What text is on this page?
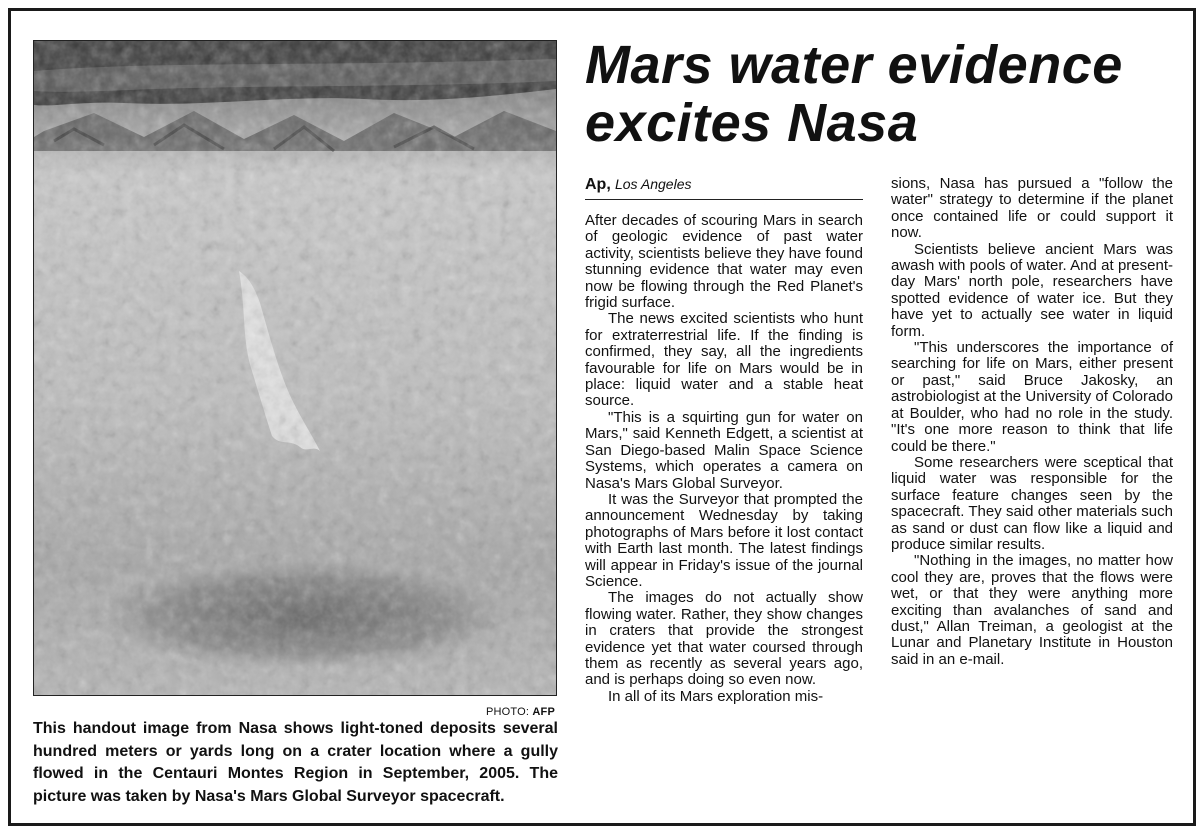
PHOTO: AFP
This handout image from Nasa shows light-toned deposits several hundred meters or yards long on a crater location where a gully flowed in the Centauri Montes Region in September, 2005. The picture was taken by Nasa's Mars Global Surveyor spacecraft.
Mars water evidence
excites Nasa
Ap, Los Angeles

After decades of scouring Mars in search of geologic evidence of past water activity, scientists believe they have found stunning evidence that water may even now be flowing through the Red Planet's frigid surface.

The news excited scientists who hunt for extraterrestrial life. If the finding is confirmed, they say, all the ingredients favourable for life on Mars would be in place: liquid water and a stable heat source.

"This is a squirting gun for water on Mars," said Kenneth Edgett, a scientist at San Diego-based Malin Space Science Systems, which operates a camera on Nasa's Mars Global Surveyor.

It was the Surveyor that prompted the announcement Wednesday by taking photographs of Mars before it lost contact with Earth last month. The latest findings will appear in Friday's issue of the journal Science.

The images do not actually show flowing water. Rather, they show changes in craters that provide the strongest evidence yet that water coursed through them as recently as several years ago, and is perhaps doing so even now.

In all of its Mars exploration mis-

sions, Nasa has pursued a "follow the water" strategy to determine if the planet once contained life or could support it now.

Scientists believe ancient Mars was awash with pools of water. And at present-day Mars' north pole, researchers have spotted evidence of water ice. But they have yet to actually see water in liquid form.

"This underscores the importance of searching for life on Mars, either present or past," said Bruce Jakosky, an astrobiologist at the University of Colorado at Boulder, who had no role in the study. "It's one more reason to think that life could be there."

Some researchers were sceptical that liquid water was responsible for the surface feature changes seen by the spacecraft. They said other materials such as sand or dust can flow like a liquid and produce similar results.

"Nothing in the images, no matter how cool they are, proves that the flows were wet, or that they were anything more exciting than avalanches of sand and dust," Allan Treiman, a geologist at the Lunar and Planetary Institute in Houston said in an e-mail.
